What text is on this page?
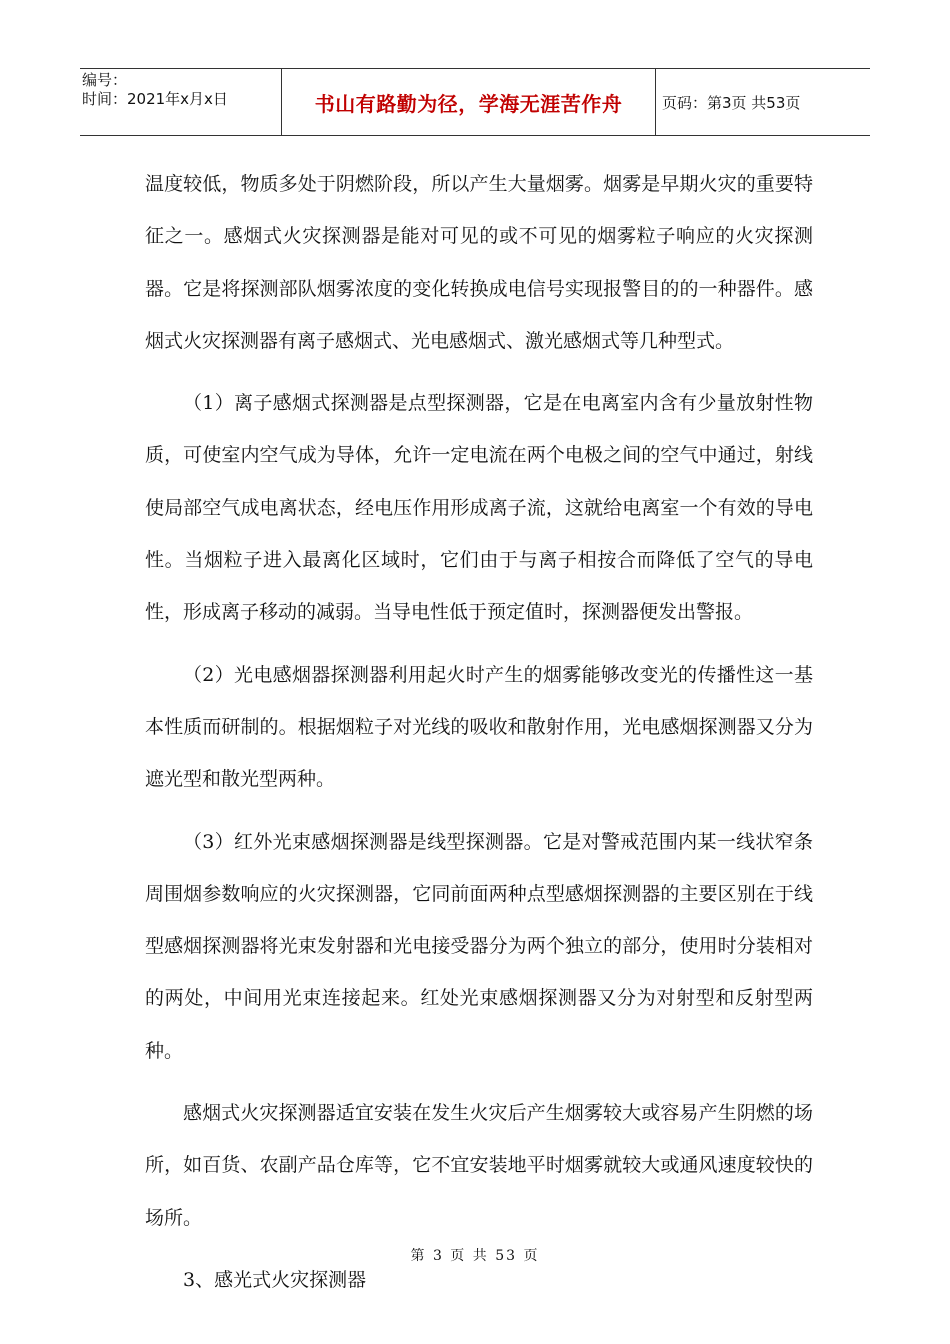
编号：
时间：2021年x月x日	书山有路勤为径，学海无涯苦作舟	页码：第3页 共53页

温度较低，物质多处于阴燃阶段，所以产生大量烟雾。烟雾是早期火灾的重要特征之一。感烟式火灾探测器是能对可见的或不可见的烟雾粒子响应的火灾探测器。它是将探测部队烟雾浓度的变化转换成电信号实现报警目的的一种器件。感烟式火灾探测器有离子感烟式、光电感烟式、激光感烟式等几种型式。

（1）离子感烟式探测器是点型探测器，它是在电离室内含有少量放射性物质，可使室内空气成为导体，允许一定电流在两个电极之间的空气中通过，射线使局部空气成电离状态，经电压作用形成离子流，这就给电离室一个有效的导电性。当烟粒子进入最离化区域时，它们由于与离子相按合而降低了空气的导电性，形成离子移动的减弱。当导电性低于预定值时，探测器便发出警报。

（2）光电感烟器探测器利用起火时产生的烟雾能够改变光的传播性这一基本性质而研制的。根据烟粒子对光线的吸收和散射作用，光电感烟探测器又分为遮光型和散光型两种。

（3）红外光束感烟探测器是线型探测器。它是对警戒范围内某一线状窄条周围烟参数响应的火灾探测器，它同前面两种点型感烟探测器的主要区别在于线型感烟探测器将光束发射器和光电接受器分为两个独立的部分，使用时分装相对的两处，中间用光束连接起来。红处光束感烟探测器又分为对射型和反射型两种。

感烟式火灾探测器适宜安装在发生火灾后产生烟雾较大或容易产生阴燃的场所，如百货、农副产品仓库等，它不宜安装地平时烟雾就较大或通风速度较快的场所。

3、感光式火灾探测器

第 3 页 共 53 页
